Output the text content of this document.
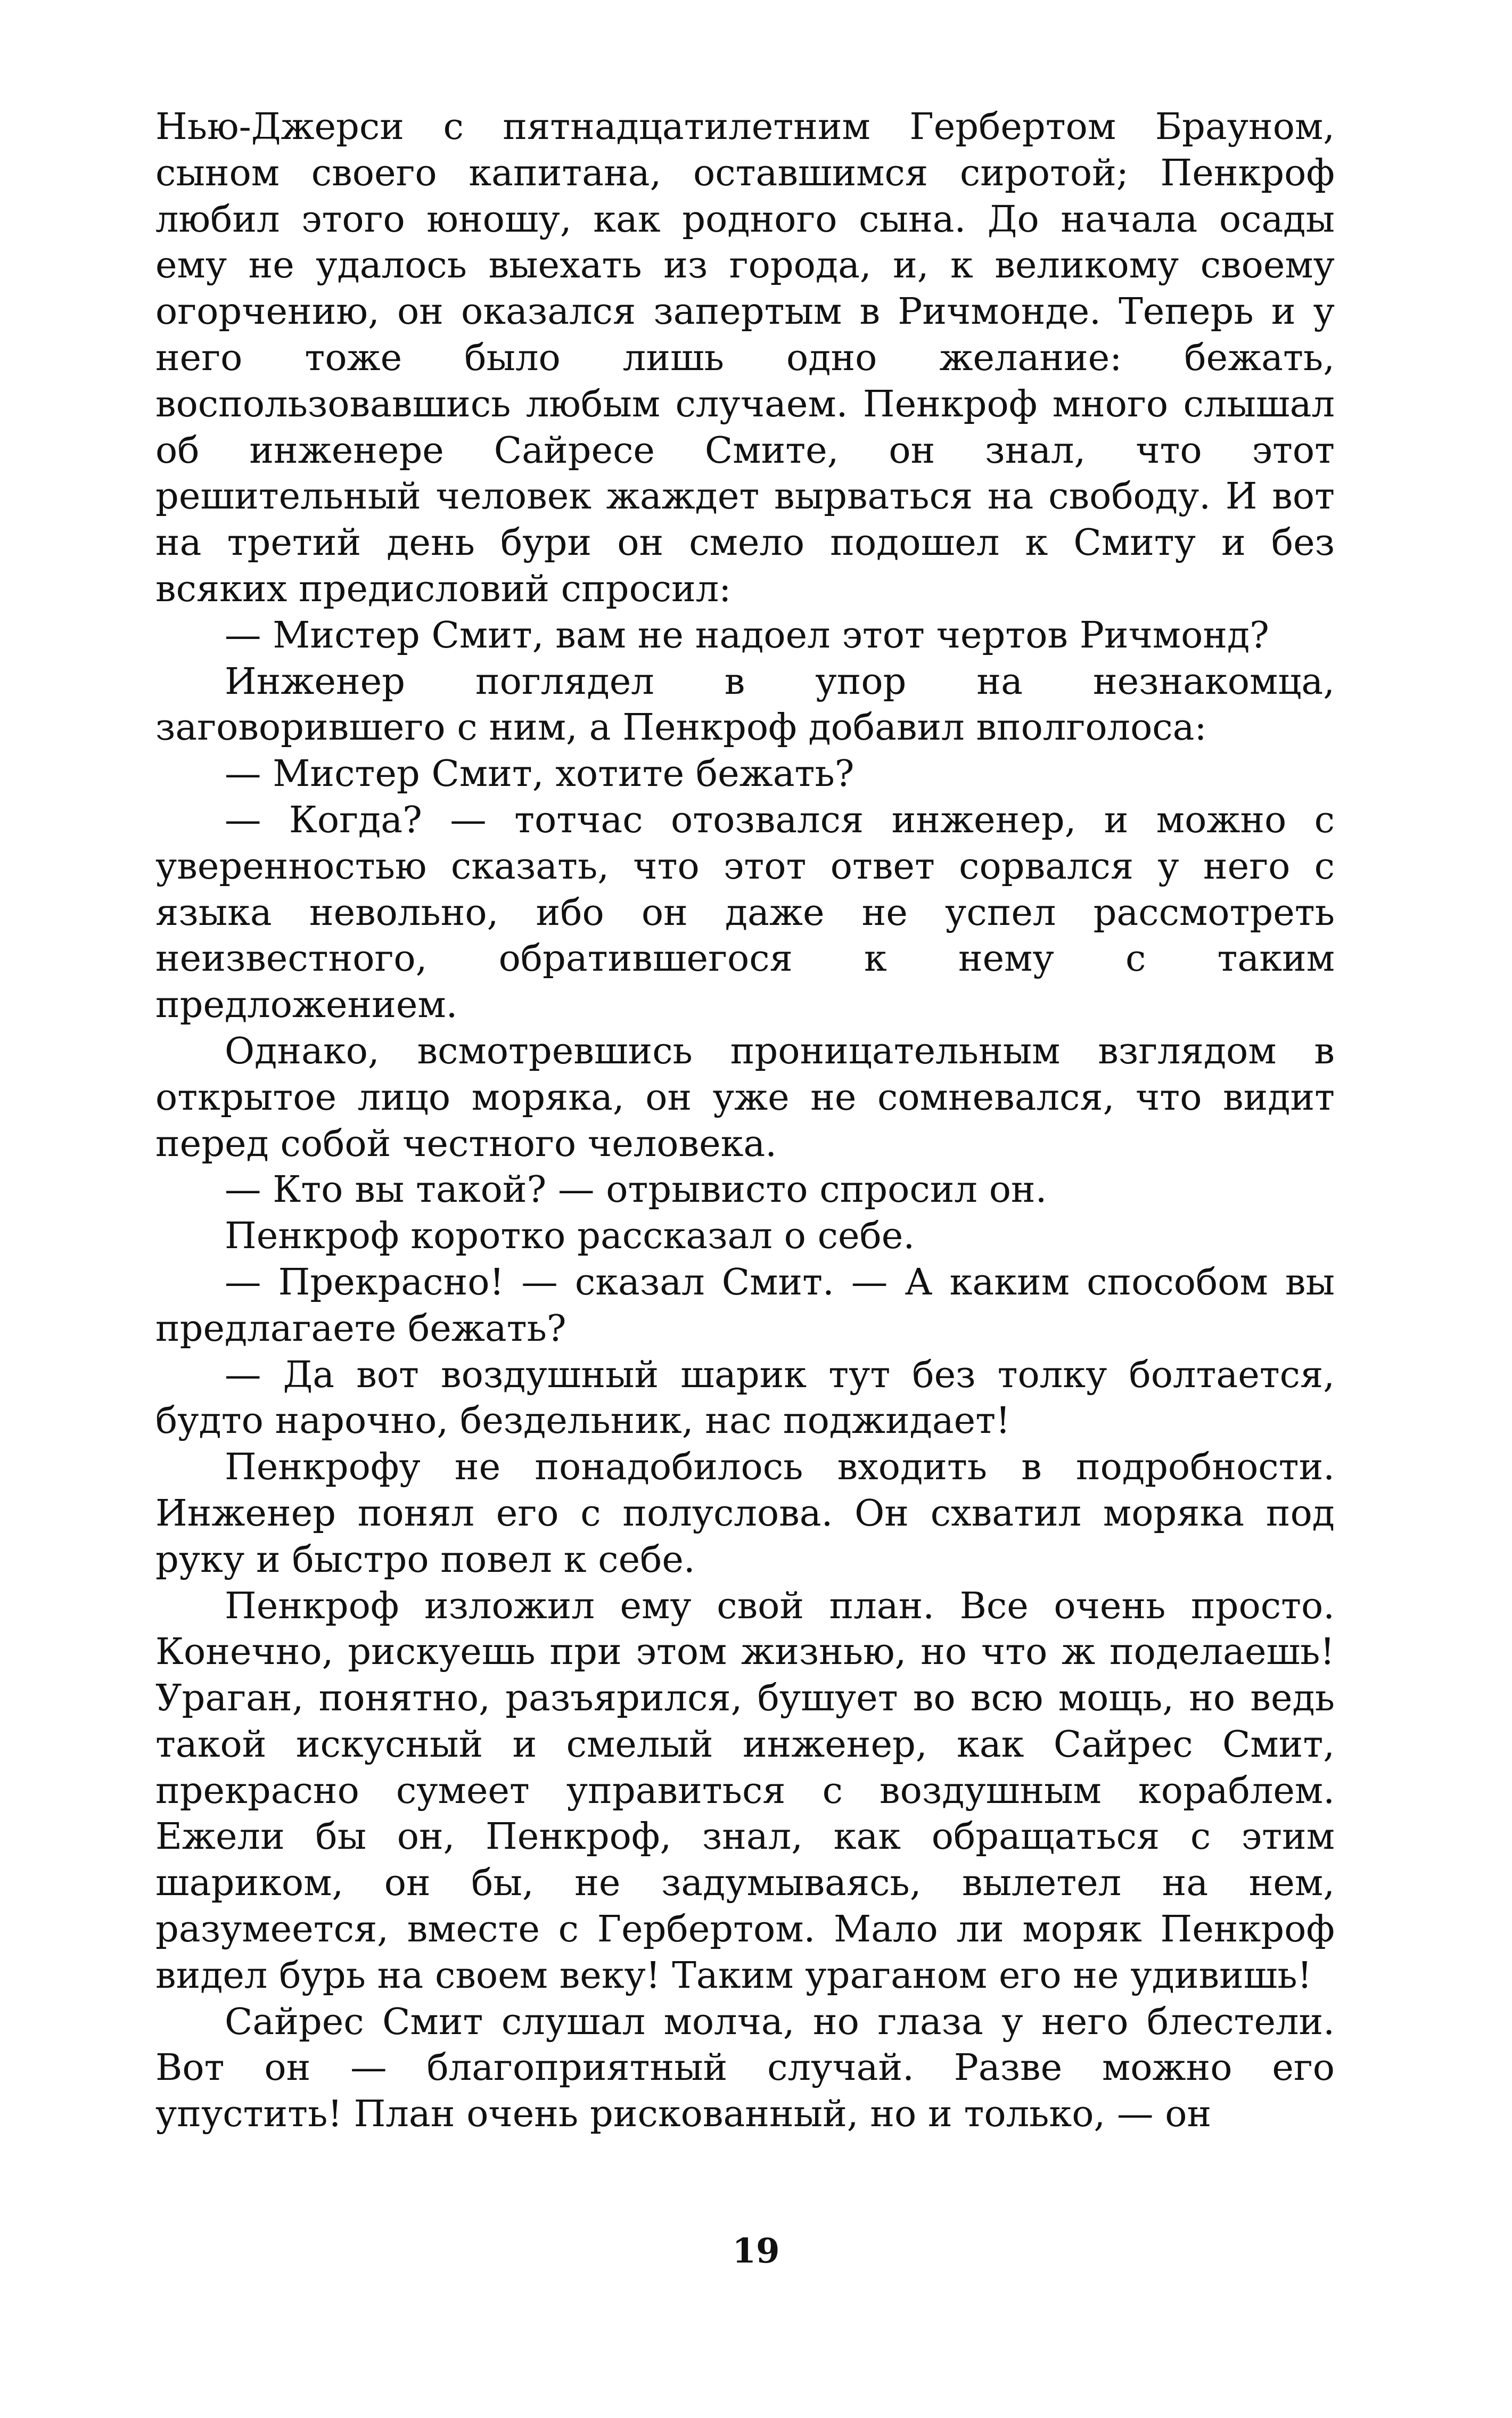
Нью-Джерси с пятнадцатилетним Гербертом Брауном, сыном своего капитана, оставшимся сиротой; Пенкроф любил этого юношу, как родного сына. До начала осады ему не удалось выехать из города, и, к великому своему огорчению, он оказался запертым в Ричмонде. Теперь и у него тоже было лишь одно желание: бежать, воспользовавшись любым случаем. Пенкроф много слышал об инженере Сайресе Смите, он знал, что этот решительный человек жаждет вырваться на свободу. И вот на третий день бури он смело подошел к Смиту и без всяких предисловий спросил:

— Мистер Смит, вам не надоел этот чертов Ричмонд?

Инженер поглядел в упор на незнакомца, заговорившего с ним, а Пенкроф добавил вполголоса:

— Мистер Смит, хотите бежать?

— Когда? — тотчас отозвался инженер, и можно с уверенностью сказать, что этот ответ сорвался у него с языка невольно, ибо он даже не успел рассмотреть неизвестного, обратившегося к нему с таким предложением.

Однако, всмотревшись проницательным взглядом в открытое лицо моряка, он уже не сомневался, что видит перед собой честного человека.

— Кто вы такой? — отрывисто спросил он.

Пенкроф коротко рассказал о себе.

— Прекрасно! — сказал Смит. — А каким способом вы предлагаете бежать?

— Да вот воздушный шарик тут без толку болтается, будто нарочно, бездельник, нас поджидает!

Пенкрофу не понадобилось входить в подробности. Инженер понял его с полуслова. Он схватил моряка под руку и быстро повел к себе.

Пенкроф изложил ему свой план. Все очень просто. Конечно, рискуешь при этом жизнью, но что ж поделаешь! Ураган, понятно, разъярился, бушует во всю мощь, но ведь такой искусный и смелый инженер, как Сайрес Смит, прекрасно сумеет управиться с воздушным кораблем. Ежели бы он, Пенкроф, знал, как обращаться с этим шариком, он бы, не задумываясь, вылетел на нем, разумеется, вместе с Гербертом. Мало ли моряк Пенкроф видел бурь на своем веку! Таким ураганом его не удивишь!

Сайрес Смит слушал молча, но глаза у него блестели. Вот он — благоприятный случай. Разве можно его упустить! План очень рискованный, но и только, — он

19
